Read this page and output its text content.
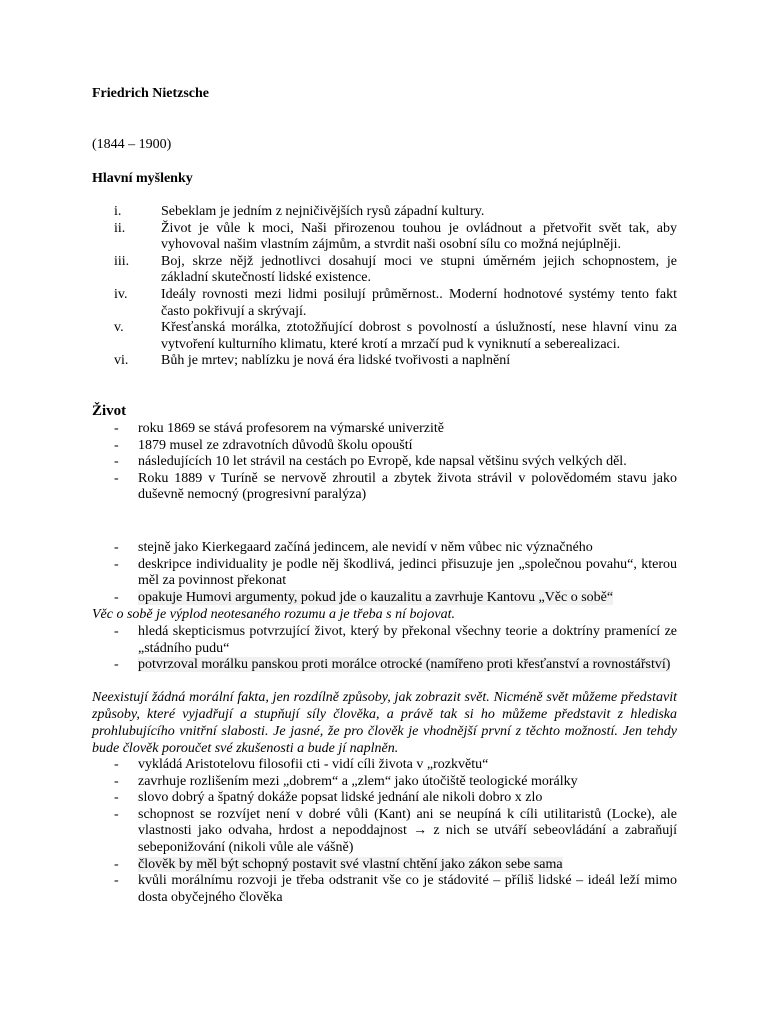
Friedrich Nietzsche
(1844 – 1900)
Hlavní myšlenky
i.	Sebeklam je jedním z nejničivějších rysů západní kultury.
ii.	Život je vůle k moci, Naši přirozenou touhou je ovládnout a přetvořit svět tak, aby vyhovoval našim vlastním zájmům, a stvrdit naši osobní sílu co možná nejúplněji.
iii. Boj, skrze nějž jednotlivci dosahují moci ve stupni úměrném jejich schopnostem, je základní skutečností lidské existence.
iv. Ideály rovnosti mezi lidmi posilují průměrnost.. Moderní hodnotové systémy tento fakt často pokřivují a skrývají.
v.	Křesťanská morálka, ztotožňující dobrost s povolností a úslužností, nese hlavní vinu za vytvoření kulturního klimatu, které krotí a mrzačí pud k vyniknutí a seberealizaci.
vi. Bůh je mrtev; nablízku je nová éra lidské tvořivosti a naplnění
Život
- roku 1869 se stává profesorem na výmarské univerzitě
- 1879 musel ze zdravotních důvodů školu opouští
- následujících 10 let strávil na cestách po Evropě, kde napsal většinu svých velkých děl.
- Roku 1889 v Turíně se nervově zhroutil a zbytek života strávil v polovědomém stavu jako duševně nemocný (progresivní paralýza)
- stejně jako Kierkegaard začíná jedincem, ale nevidí v něm vůbec nic význačného
- deskripce individuality je podle něj škodlivá, jedinci přisuzuje jen „společnou povahu“, kterou měl za povinnost překonat
- opakuje Humovi argumenty, pokud jde o kauzalitu a zavrhuje Kantovu „Věc o sobě“
Věc o sobě je výplod neotesaného rozumu a je třeba s ní bojovat.
- hledá skepticismus potvrzující život, který by překonal všechny teorie a doktríny pramenící ze „stádního pudu“
- potvrzoval morálku panskou proti morálce otrocké (namířeno proti křesťanství a rovnostářství)
Neexistují žádná morální fakta, jen rozdílně způsoby, jak zobrazit svět. Nicméně svět můžeme představit způsoby, které vyjadřují a stupňují síly člověka, a právě tak si ho můžeme představit z hlediska prohlubujícího vnitřní slabosti. Je jasné, že pro člověk je vhodnější první z těchto možností. Jen tehdy bude člověk poroučet své zkušenosti a bude jí naplněn.
- vykládá Aristotelovu filosofii cti - vidí cíli života v „rozkvětu“
- zavrhuje rozlišením mezi „dobrem“ a „zlem“ jako útočiště teologické morálky
- slovo dobrý a špatný dokáže popsat lidské jednání ale nikoli dobro x zlo
- schopnost se rozvíjet není v dobré vůli (Kant) ani se neupíná k cíli utilitaristů (Locke), ale vlastnosti jako odvaha, hrdost a nepoddajnost → z nich se utváří sebeovládání a zabraňují sebeponižování (nikoli vůle ale vášně)
- člověk by měl být schopný postavit své vlastní chtění jako zákon sebe sama
- kvůli morálnímu rozvoji je třeba odstranit vše co je stádovité – příliš lidské – ideál leží mimo dosta obyčejného člověka
